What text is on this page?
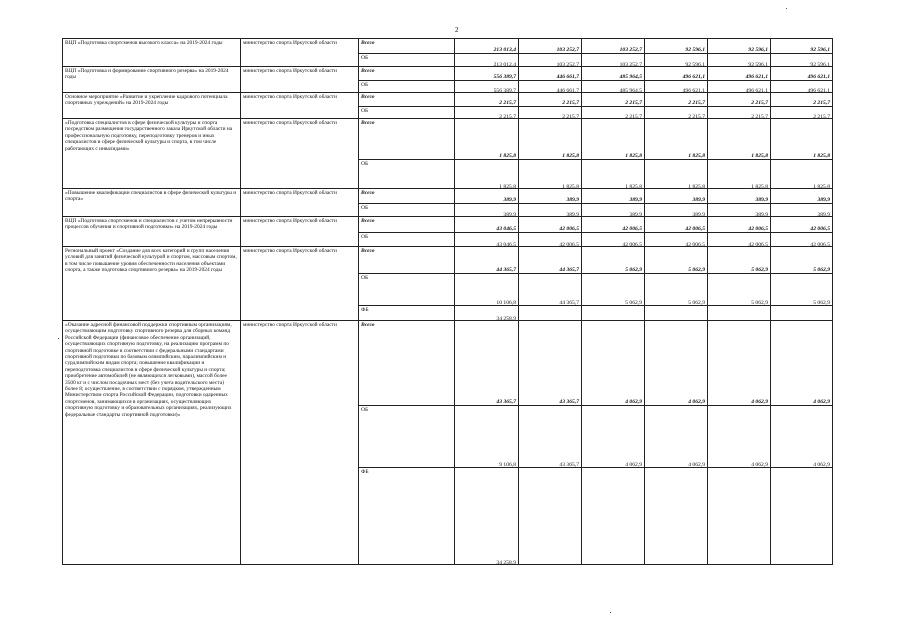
2
ВЦП «Подготовка спортсменов высокого класса» на 2019-2024 годы	министерство спорта Иркутской области	Всего
213 013,4	103 252,7	103 252,7	92 596,1	92 596,1	92 596,1
ОБ
213 012,4	103 252,7	103 252,7	92 596,1	92 596,1	92 596,1
ВЦП «Подготовка и формирование спортивного резерва» на 2019-2024 годы
министерство спорта Иркутской области	Всего
556 389,7	446 661,7	485 964,5	496 621,1	496 621,1	496 621,1
ОБ
556 389,7	446 661,7	485 964,5	496 621,1	496 621,1	496 621,1
Основное мероприятие «Развитие и укрепление кадрового потенциала спортивных учреждений» на 2019-2024 годы
министерство спорта Иркутской области	Всего
2 215,7	2 215,7	2 215,7	2 215,7	2 215,7	2 215,7
ОБ
2 215,7	2 215,7	2 215,7	2 215,7	2 215,7	2 215,7
«Подготовка специалистов в сфере физической культуры и спорта посредством размещения государственного заказа Иркутской области на профессиональную подготовку, переподготовку тренеров и иных специалистов в сфере физической культуры и спорта, в том числе работающих с инвалидами»
министерство спорта Иркутской области	Всего
1 825,8	1 825,8	1 825,8	1 825,8	1 825,8	1 825,8
ОБ
1 825,8	1 825,8	1 825,8	1 825,8	1 825,8	1 825,8
«Повышение квалификации специалистов в сфере физической культуры и спорта»
министерство спорта Иркутской области	Всего
389,9	389,9	389,9	389,9	389,9	389,9
ОБ
389,9	389,9	389,9	389,9	389,9	389,9
ВЦП «Подготовка спортсменов и специалистов с учетом непрерывности процессов обучения и спортивной подготовки» на 2019-2024 годы
министерство спорта Иркутской области	Всего
43 046,5	42 006,5	42 006,5	42 006,5	42 006,5	42 006,5
ОБ
43 046,5	42 006,5	42 006,5	42 006,5	42 006,5	42 006,5
Региональный проект «Создание для всех категорий и групп населения условий для занятий физической культурой и спортом, массовым спортом, в том числе повышение уровня обеспеченности населения объектами спорта, а также подготовка спортивного резерва» на 2019-2024 годы
министерство спорта Иркутской области	Всего
44 365,7	44 365,7	5 062,9	5 062,9	5 062,9	5 062,9
ОБ
10 106,8	44 365,7	5 062,9	5 062,9	5 062,9	5 062,9
ФБ
34 258,9
«Оказание адресной финансовой поддержки спортивным организациям, осуществляющим подготовку спортивного резерва для сборных команд Российской Федерации (финансовое обеспечение организаций, осуществляющих спортивную подготовку, на реализацию программ по спортивной подготовке в соответствии с федеральными стандартами спортивной подготовки по базовым олимпийским, паралимпийским и сурдлимпийским видам спорта; повышение квалификации и переподготовка специалистов в сфере физической культуры и спорта; приобретение автомобилей (не являющихся легковыми), массой более 3500 кг и с числом посадочных мест (без учета водительского места) более 8; осуществление, в соответствии с порядком, утвержденным Министерством спорта Российской Федерации, подготовки одаренных спортсменов, занимающихся в организациях, осуществляющих спортивную подготовку и образовательных организациях, реализующих федеральные стандарты спортивной подготовки)»
министерство спорта Иркутской области	Всего
43 365,7	43 365,7	4 062,9	4 062,9	4 062,9	4 062,9
ОБ
9 106,8	43 365,7	4 062,9	4 062,9	4 062,9	4 062,9
ФБ
34 258,9
